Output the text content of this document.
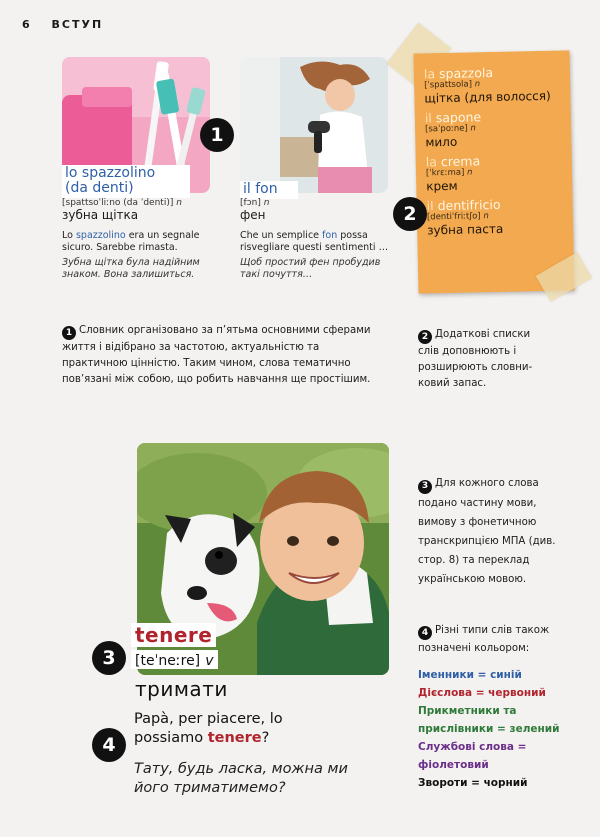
6 ВСТУП
lo spazzolino
(da denti)
[spattsoˈliːno (da ˈdenti)] n
зубна щітка
Lo spazzolino era un segnale sicuro. Sarebbe rimasta.
Зубна щітка була надійним знаком. Вона залишиться.
1
il fon
[fɔn] n
фен
Che un semplice fon possa risvegliare questi sentimenti …
Щоб простий фен пробудив такі почуття…
la spazzola
[ˈspattsola] n
щітка (для волосся)
il sapone
[saˈpoːne] n
мило
la crema
[ˈkrɛːma] n
крем
il dentifricio
[dentiˈfriːtʃo] n
зубна паста
2
1 Словник організовано за п’ятьма основними сферами життя і відібрано за частотою, актуальністю та практичною цінністю. Таким чином, слова тематично пов’язані між собою, що робить навчання ще простішим.
2 Додаткові списки слів доповнюють і розширюють словни-ковий запас.
tenere
3	[teˈneːre] v
тримати
4
Papà, per piacere, lo possiamo tenere?
Тату, будь ласка, можна ми його триматимемо?
3 Для кожного слова подано частину мови, вимову з фонетичною транскрипцією МПА (див. стор. 8) та переклад українською мовою.
4 Різні типи слів також позначені кольором:
Іменники = синій
Дієслова = червоний
Прикметники та прислівники = зелений
Службові слова = фіолетовий
Звороти = чорний
